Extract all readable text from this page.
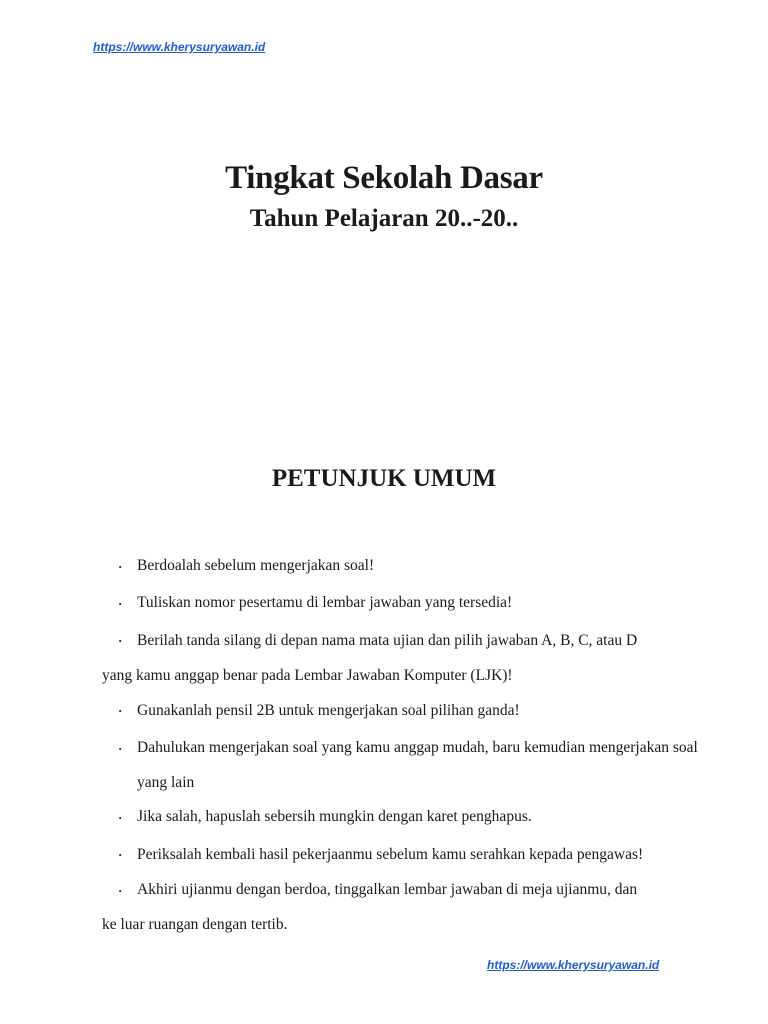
https://www.kherysuryawan.id
Tingkat Sekolah Dasar
Tahun Pelajaran 20..-20..
PETUNJUK UMUM
· Berdoalah sebelum mengerjakan soal!
· Tuliskan nomor pesertamu di lembar jawaban yang tersedia!
· Berilah tanda silang di depan nama mata ujian dan pilih jawaban A, B, C, atau D
yang kamu anggap benar pada Lembar Jawaban Komputer (LJK)!
· Gunakanlah pensil 2B untuk mengerjakan soal pilihan ganda!
· Dahulukan mengerjakan soal yang kamu anggap mudah, baru kemudian mengerjakan soal
yang lain
· Jika salah, hapuslah sebersih mungkin dengan karet penghapus.
· Periksalah kembali hasil pekerjaanmu sebelum kamu serahkan kepada pengawas!
· Akhiri ujianmu dengan berdoa, tinggalkan lembar jawaban di meja ujianmu, dan
ke luar ruangan dengan tertib.
https://www.kherysuryawan.id
